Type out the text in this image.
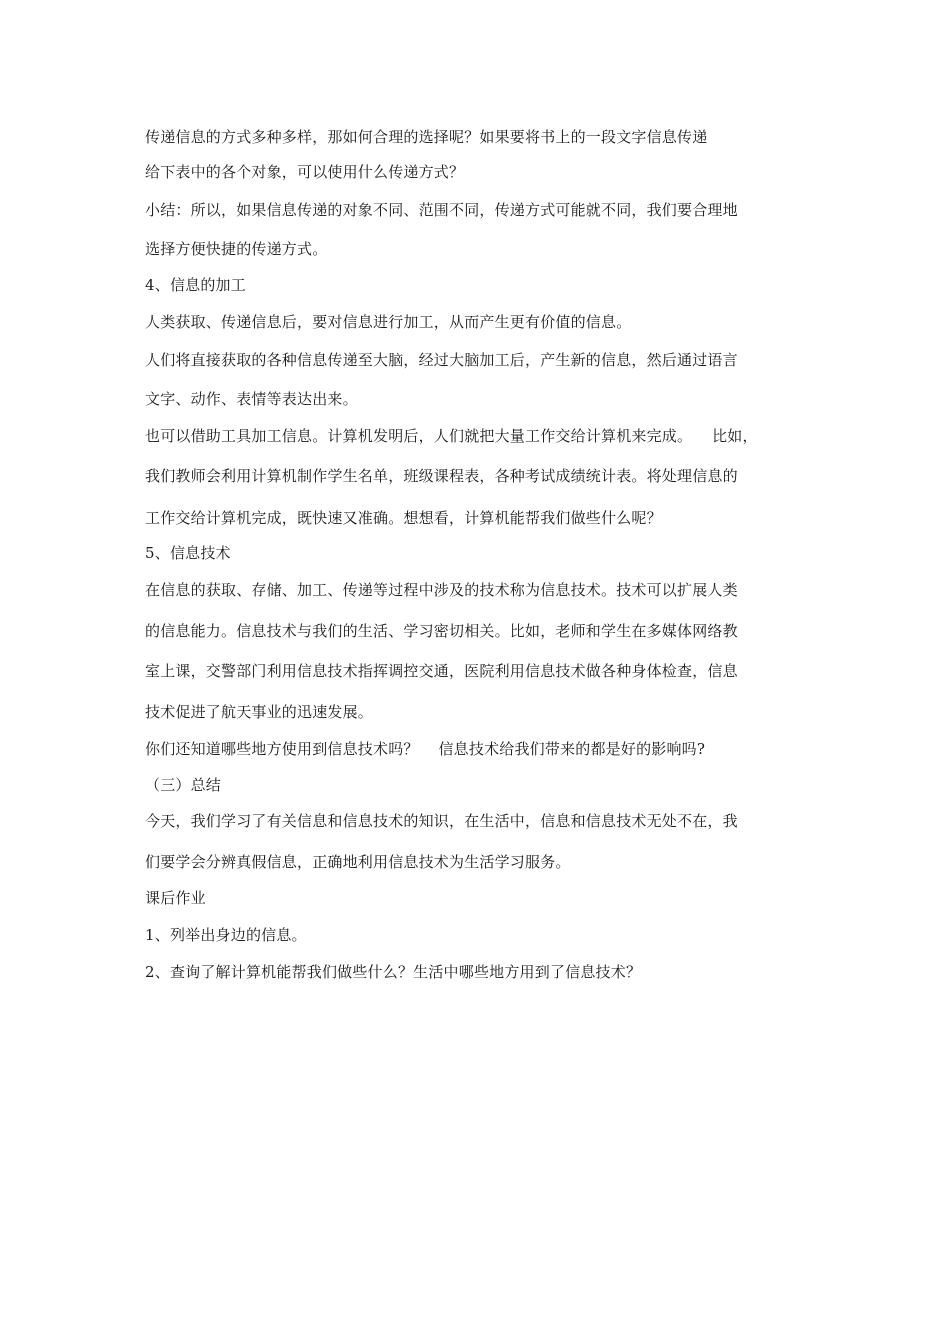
传递信息的方式多种多样，那如何合理的选择呢？如果要将书上的一段文字信息传递
给下表中的各个对象，可以使用什么传递方式？
小结：所以，如果信息传递的对象不同、范围不同，传递方式可能就不同，我们要合理地
选择方便快捷的传递方式。
4、信息的加工
人类获取、传递信息后，要对信息进行加工，从而产生更有价值的信息。
人们将直接获取的各种信息传递至大脑，经过大脑加工后，产生新的信息，然后通过语言
文字、动作、表情等表达出来。
也可以借助工具加工信息。计算机发明后，人们就把大量工作交给计算机来完成。    比如，
我们教师会利用计算机制作学生名单，班级课程表，各种考试成绩统计表。将处理信息的
工作交给计算机完成，既快速又准确。想想看，计算机能帮我们做些什么呢？
5、信息技术
在信息的获取、存储、加工、传递等过程中涉及的技术称为信息技术。技术可以扩展人类
的信息能力。信息技术与我们的生活、学习密切相关。比如，老师和学生在多媒体网络教
室上课，交警部门利用信息技术指挥调控交通，医院利用信息技术做各种身体检查，信息
技术促进了航天事业的迅速发展。
你们还知道哪些地方使用到信息技术吗？    信息技术给我们带来的都是好的影响吗?
（三）总结
今天，我们学习了有关信息和信息技术的知识，在生活中，信息和信息技术无处不在，我
们要学会分辨真假信息，正确地利用信息技术为生活学习服务。
课后作业
1、列举出身边的信息。
2、查询了解计算机能帮我们做些什么？生活中哪些地方用到了信息技术？
